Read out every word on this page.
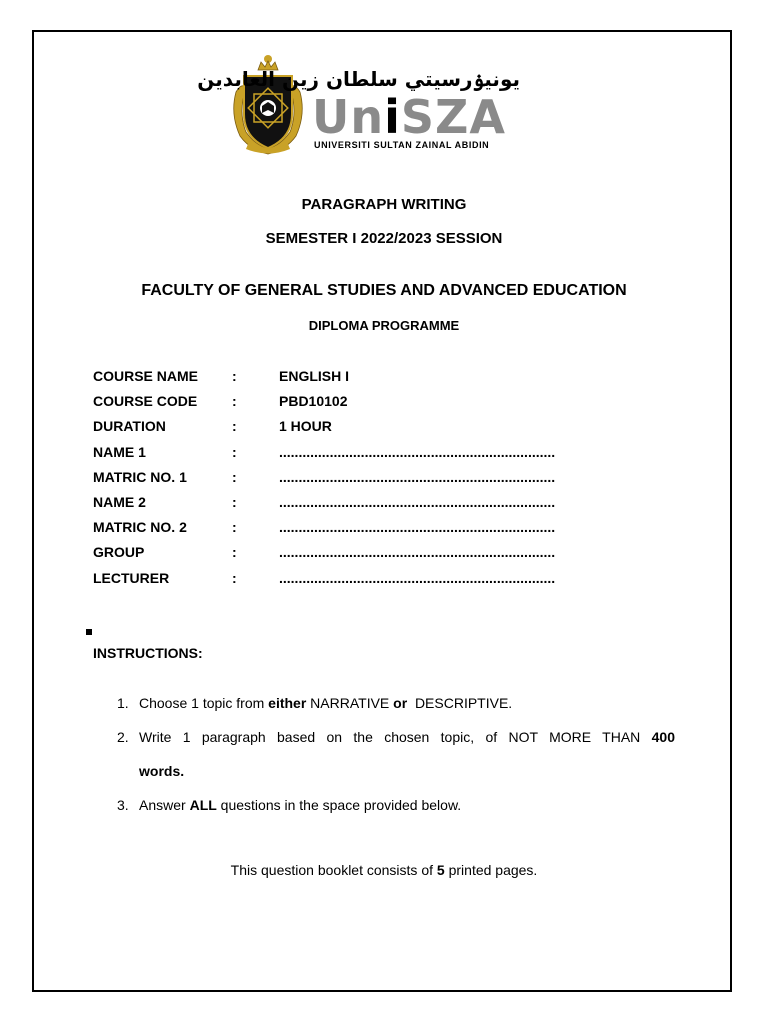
يونيۏرسيتي سلطان زين العابدين
UniSZA
UNIVERSITI SULTAN ZAINAL ABIDIN
PARAGRAPH WRITING
SEMESTER I 2022/2023 SESSION
FACULTY OF GENERAL STUDIES AND ADVANCED EDUCATION
DIPLOMA PROGRAMME
COURSE NAME :	ENGLISH I
COURSE CODE :	PBD10102
DURATION	:	1 HOUR
NAME 1	:	.......................................................................
MATRIC NO. 1	:	.......................................................................
NAME 2	:	.......................................................................
MATRIC NO. 2	:	.......................................................................
GROUP	:	.......................................................................
LECTURER	:	.......................................................................
INSTRUCTIONS:
1. Choose 1 topic from either NARRATIVE or  DESCRIPTIVE.
2. Write 1 paragraph based on the chosen topic, of NOT MORE THAN 400
words.
3. Answer ALL questions in the space provided below.
This question booklet consists of 5 printed pages.
